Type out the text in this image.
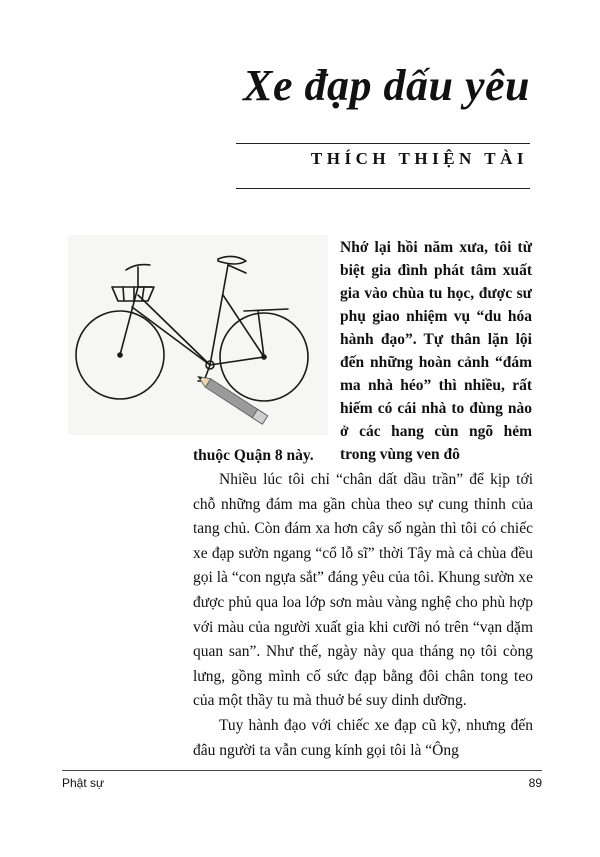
Xe đạp dấu yêu
THÍCH THIỆN TÀI

Nhớ lại hồi năm xưa, tôi từ biệt gia đình phát tâm xuất gia vào chùa tu học, được sư phụ giao nhiệm vụ “du hóa hành đạo”. Tự thân lặn lội đến những hoàn cảnh “đám ma nhà héo” thì nhiều, rất hiếm có cái nhà to đùng nào ở các hang cùn ngõ hẻm trong vùng ven đô

thuộc Quận 8 này.

Nhiều lúc tôi chỉ “chân dất dầu trần” để kịp tới chỗ những đám ma gần chùa theo sự cung thỉnh của tang chủ. Còn đám xa hơn cây số ngàn thì tôi có chiếc xe đạp sườn ngang “cổ lỗ sĩ” thời Tây mà cả chùa đều gọi là “con ngựa sắt” đáng yêu của tôi. Khung sườn xe được phủ qua loa lớp sơn màu vàng nghệ cho phù hợp với màu của người xuất gia khi cưỡi nó trên “vạn dặm quan san”. Như thế, ngày này qua tháng nọ tôi còng lưng, gồng mình cố sức đạp bằng đôi chân tong teo của một thầy tu mà thuở bé suy dinh dưỡng.

Tuy hành đạo với chiếc xe đạp cũ kỹ, nhưng đến đâu người ta vẫn cung kính gọi tôi là “Ông

Phật sự	89
